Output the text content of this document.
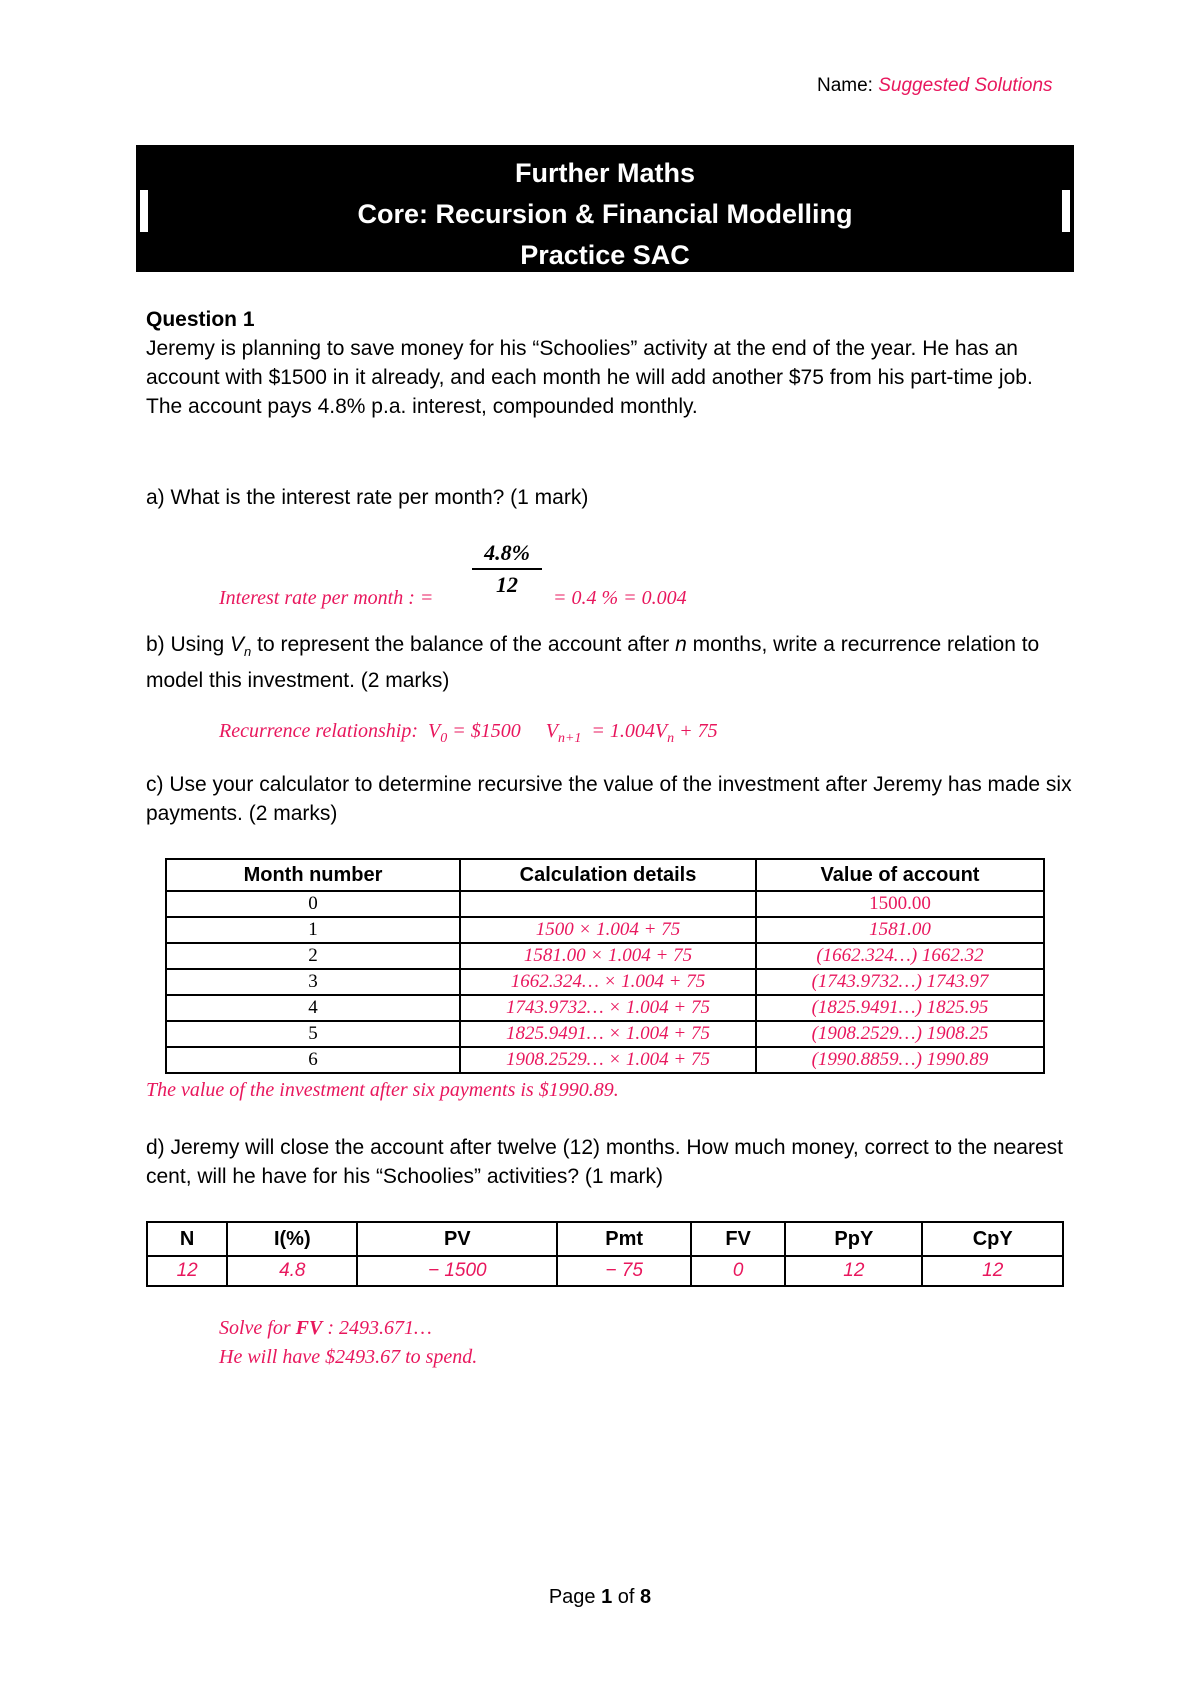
Name: Suggested Solutions
Further Maths
Core: Recursion & Financial Modelling
Practice SAC
Question 1
Jeremy is planning to save money for his “Schoolies” activity at the end of the year. He has an account with $1500 in it already, and each month he will add another $75 from his part-time job.
The account pays 4.8% p.a. interest, compounded monthly.
a) What is the interest rate per month? (1 mark)
Interest rate per month : = $\frac{4.8\%}{12} = 0.4$ % = 0.004
b) Using $V_n$ to represent the balance of the account after n months, write a recurrence relation to model this investment. (2 marks)
Recurrence relationship: $V_0$ = $1500 $V_{n+1} = 1.004V_n + 75$
c) Use your calculator to determine recursive the value of the investment after Jeremy has made six payments. (2 marks)
Month number	Calculation details	Value of account
0		1500.00
1	1500 × 1.004 + 75	1581.00
2	1581.00 × 1.004 + 75	(1662.324…) 1662.32
3	1662.324… × 1.004 + 75	(1743.9732…) 1743.97
4	1743.9732… × 1.004 + 75	(1825.9491…) 1825.95
5	1825.9491… × 1.004 + 75	(1908.2529…) 1908.25
6	1908.2529… × 1.004 + 75	(1990.8859…) 1990.89
The value of the investment after six payments is $1990.89.
d) Jeremy will close the account after twelve (12) months. How much money, correct to the nearest cent, will he have for his “Schoolies” activities? (1 mark)
N	I(%)	PV	Pmt	FV	PpY	CpY
12	4.8	− 1500	− 75	0	12	12
Solve for FV : 2493.671…
He will have $2493.67 to spend.
Page 1 of 8
